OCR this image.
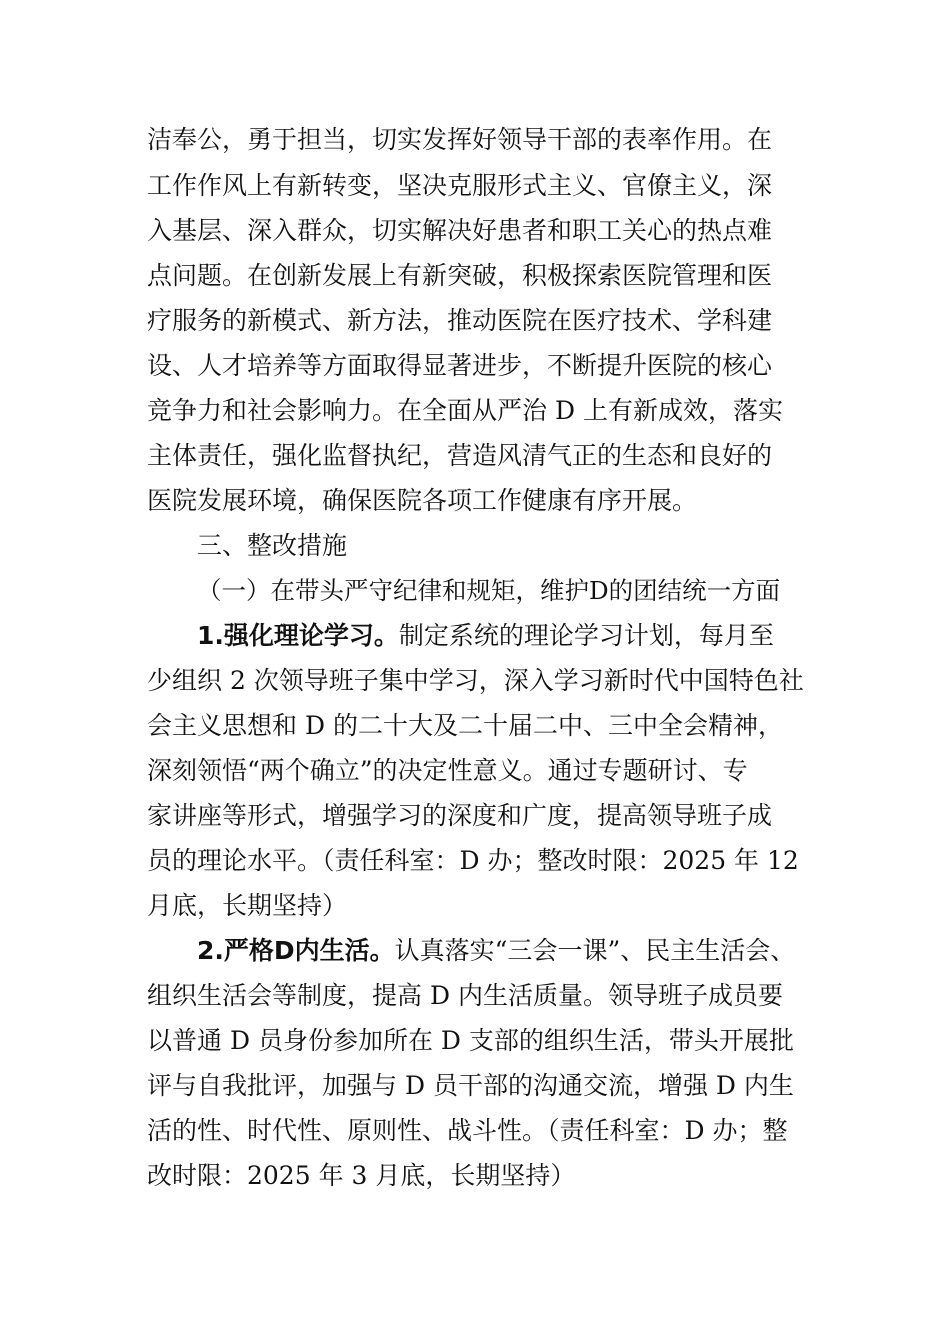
洁奉公，勇于担当，切实发挥好领导干部的表率作用。在
工作作风上有新转变，坚决克服形式主义、官僚主义，深
入基层、深入群众，切实解决好患者和职工关心的热点难
点问题。在创新发展上有新突破，积极探索医院管理和医
疗服务的新模式、新方法，推动医院在医疗技术、学科建
设、人才培养等方面取得显著进步，不断提升医院的核心
竞争力和社会影响力。在全面从严治 D 上有新成效，落实
主体责任，强化监督执纪，营造风清气正的生态和良好的
医院发展环境，确保医院各项工作健康有序开展。
三、整改措施
（一）在带头严守纪律和规矩，维护D的团结统一方面
1.强化理论学习。制定系统的理论学习计划，每月至
少组织 2 次领导班子集中学习，深入学习新时代中国特色社
会主义思想和 D 的二十大及二十届二中、三中全会精神，
深刻领悟“两个确立”的决定性意义。通过专题研讨、专
家讲座等形式，增强学习的深度和广度，提高领导班子成
员的理论水平。（责任科室：D 办；整改时限：2025 年 12
月底，长期坚持）
2.严格D内生活。认真落实“三会一课”、民主生活会、
组织生活会等制度，提高 D 内生活质量。领导班子成员要
以普通 D 员身份参加所在 D 支部的组织生活，带头开展批
评与自我批评，加强与 D 员干部的沟通交流，增强 D 内生
活的性、时代性、原则性、战斗性。（责任科室：D 办；整
改时限：2025 年 3 月底，长期坚持）
